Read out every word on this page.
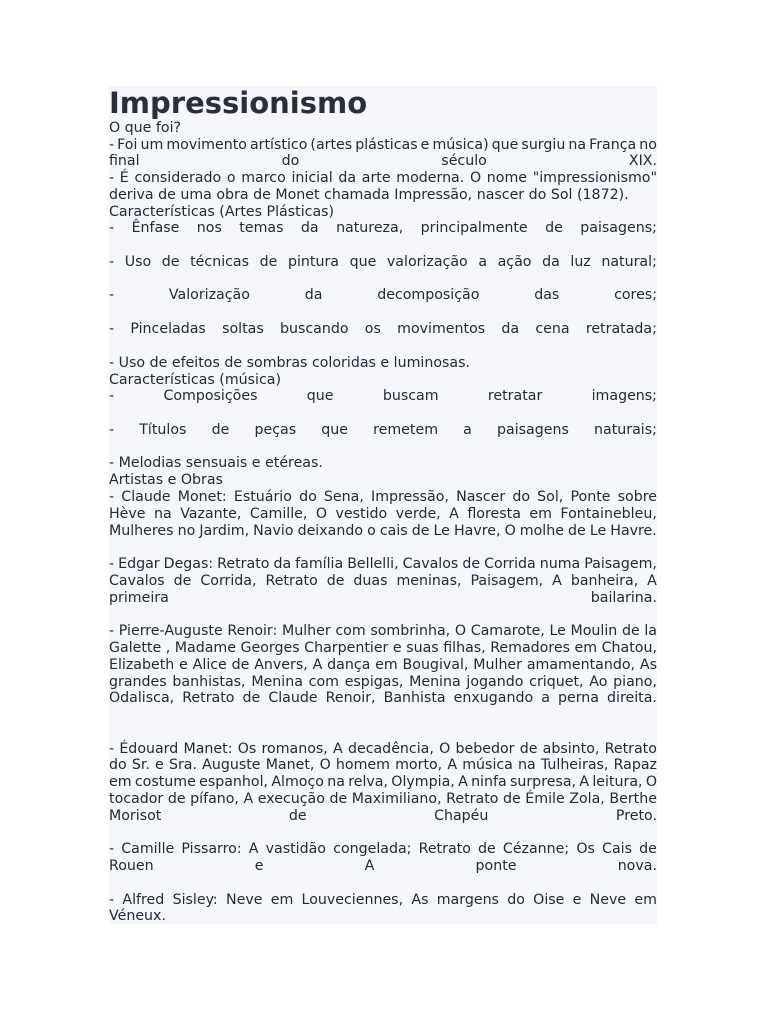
Impressionismo
O que foi?
- Foi um movimento artístico (artes plásticas e música) que surgiu na França no
final	do	século	XIX.
- É considerado o marco inicial da arte moderna. O nome "impressionismo"
deriva de uma obra de Monet chamada Impressão, nascer do Sol (1872).
Características (Artes Plásticas)
- Ênfase nos temas da natureza, principalmente de paisagens;
- Uso de técnicas de pintura que valorização a ação da luz natural;
-	Valorização	da	decomposição	das	cores;
- Pinceladas soltas buscando os movimentos da cena retratada;
- Uso de efeitos de sombras coloridas e luminosas.
Características (música)
-	Composições	que	buscam	retratar	imagens;
- Títulos de peças que remetem a paisagens naturais;
- Melodias sensuais e etéreas.
Artistas e Obras
- Claude Monet: Estuário do Sena, Impressão, Nascer do Sol, Ponte sobre
Hève na Vazante, Camille, O vestido verde, A floresta em Fontainebleu,
Mulheres no Jardim, Navio deixando o cais de Le Havre, O molhe de Le Havre.
- Edgar Degas: Retrato da família Bellelli, Cavalos de Corrida numa Paisagem,
Cavalos de Corrida, Retrato de duas meninas, Paisagem, A banheira, A
primeira	bailarina.
- Pierre-Auguste Renoir: Mulher com sombrinha, O Camarote, Le Moulin de la
Galette , Madame Georges Charpentier e suas filhas, Remadores em Chatou,
Elizabeth e Alice de Anvers, A dança em Bougival, Mulher amamentando, As
grandes banhistas, Menina com espigas, Menina jogando criquet, Ao piano,
Odalisca, Retrato de Claude Renoir, Banhista enxugando a perna direita.
- Édouard Manet: Os romanos, A decadência, O bebedor de absinto, Retrato
do Sr. e Sra. Auguste Manet, O homem morto, A música na Tulheiras, Rapaz
em costume espanhol, Almoço na relva, Olympia, A ninfa surpresa, A leitura, O
tocador de pífano, A execução de Maximiliano, Retrato de Émile Zola, Berthe
Morisot	de	Chapéu	Preto.
- Camille Pissarro: A vastidão congelada; Retrato de Cézanne; Os Cais de
Rouen	e	A	ponte	nova.
- Alfred Sisley: Neve em Louveciennes, As margens do Oise e Neve em
Véneux.
